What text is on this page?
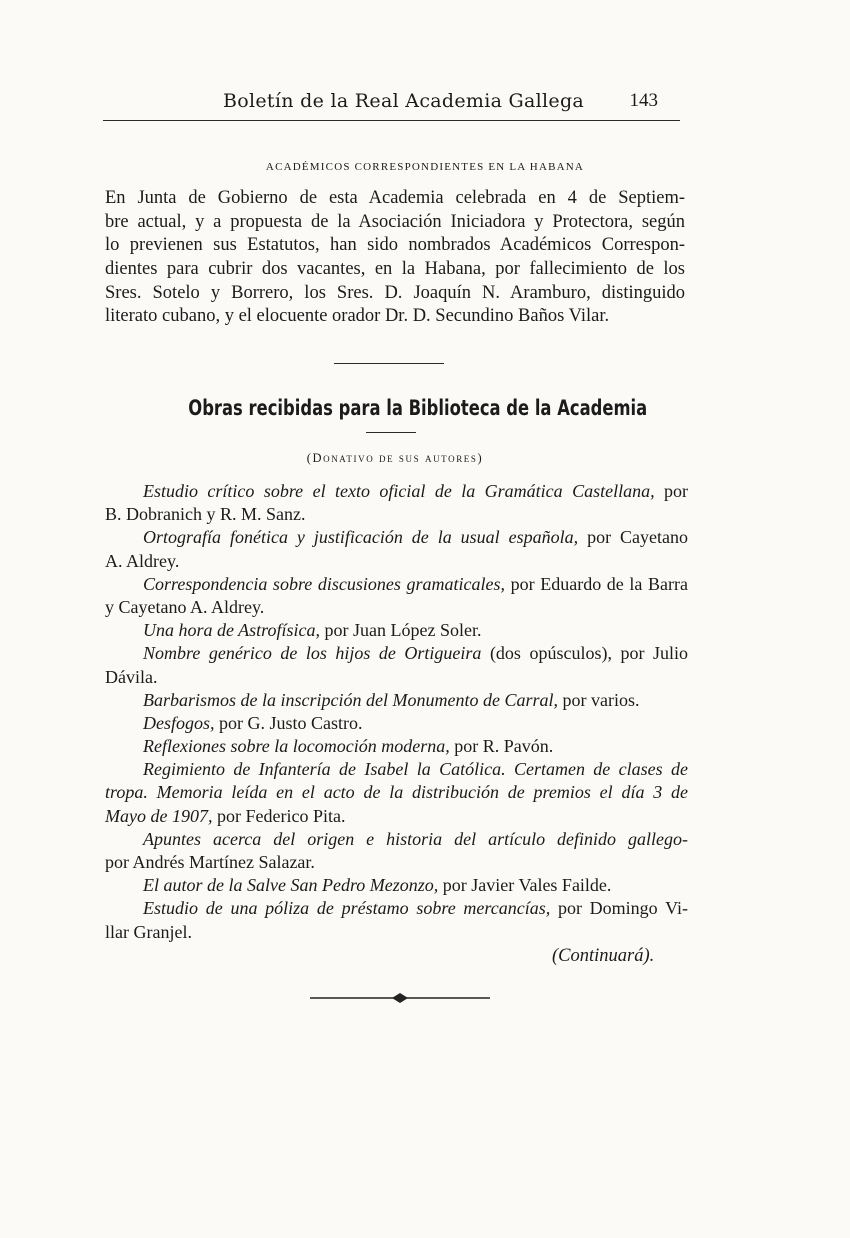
Boletín de la Real Academia Gallega 143
ACADÉMICOS CORRESPONDIENTES EN LA HABANA
En Junta de Gobierno de esta Academia celebrada en 4 de Septiem-
bre actual, y a propuesta de la Asociación Iniciadora y Protectora, según
lo previenen sus Estatutos, han sido nombrados Académicos Correspon-
dientes para cubrir dos vacantes, en la Habana, por fallecimiento de los
Sres. Sotelo y Borrero, los Sres. D. Joaquín N. Aramburo, distinguido
literato cubano, y el elocuente orador Dr. D. Secundino Baños Vilar.
Obras recibidas para la Biblioteca de la Academia
(Donativo de sus autores)
Estudio crítico sobre el texto oficial de la Gramática Castellana, por
B. Dobranich y R. M. Sanz.
Ortografía fonética y justificación de la usual española, por Cayetano
A. Aldrey.
Correspondencia sobre discusiones gramaticales, por Eduardo de la Barra
y Cayetano A. Aldrey.
Una hora de Astrofísica, por Juan López Soler.
Nombre genérico de los hijos de Ortigueira (dos opúsculos), por Julio
Dávila.
Barbarismos de la inscripción del Monumento de Carral, por varios.
Desfogos, por G. Justo Castro.
Reflexiones sobre la locomoción moderna, por R. Pavón.
Regimiento de Infantería de Isabel la Católica. Certamen de clases de
tropa. Memoria leída en el acto de la distribución de premios el día 3 de
Mayo de 1907, por Federico Pita.
Apuntes acerca del origen e historia del artículo definido gallego-
por Andrés Martínez Salazar.
El autor de la Salve San Pedro Mezonzo, por Javier Vales Failde.
Estudio de una póliza de préstamo sobre mercancías, por Domingo Vi-
llar Granjel.
(Continuará).
